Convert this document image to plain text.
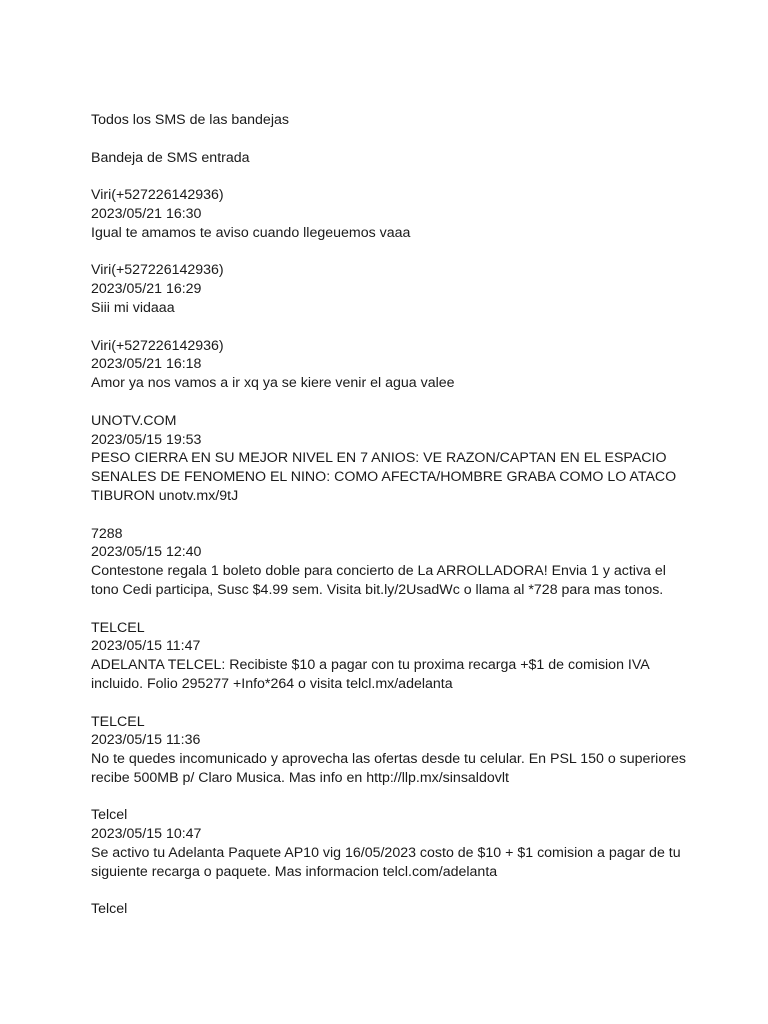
Todos los SMS de las bandejas
Bandeja de SMS entrada
Viri(+527226142936)
2023/05/21 16:30
Igual te amamos te aviso cuando llegeuemos vaaa
Viri(+527226142936)
2023/05/21 16:29
Siii mi vidaaa
Viri(+527226142936)
2023/05/21 16:18
Amor ya nos vamos a ir xq ya se kiere venir el agua valee
UNOTV.COM
2023/05/15 19:53
PESO CIERRA EN SU MEJOR NIVEL EN 7 ANIOS: VE RAZON/CAPTAN EN EL ESPACIO
SENALES DE FENOMENO EL NINO: COMO AFECTA/HOMBRE GRABA COMO LO ATACO
TIBURON unotv.mx/9tJ
7288
2023/05/15 12:40
Contestone regala 1 boleto doble para concierto de La ARROLLADORA! Envia 1 y activa el
tono Cedi participa, Susc $4.99 sem. Visita bit.ly/2UsadWc o llama al *728 para mas tonos.
TELCEL
2023/05/15 11:47
ADELANTA TELCEL: Recibiste $10 a pagar con tu proxima recarga +$1 de comision IVA
incluido. Folio 295277 +Info*264 o visita telcl.mx/adelanta
TELCEL
2023/05/15 11:36
No te quedes incomunicado y aprovecha las ofertas desde tu celular. En PSL 150 o superiores
recibe 500MB p/ Claro Musica. Mas info en http://llp.mx/sinsaldovlt
Telcel
2023/05/15 10:47
Se activo tu Adelanta Paquete AP10 vig 16/05/2023 costo de $10 + $1 comision a pagar de tu
siguiente recarga o paquete. Mas informacion telcl.com/adelanta
Telcel
